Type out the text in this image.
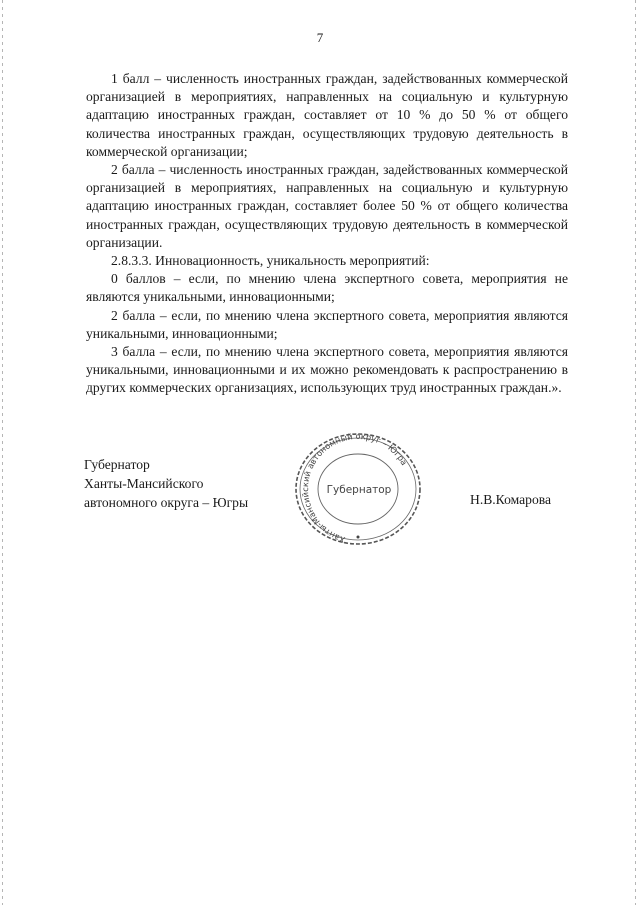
7

1 балл – численность иностранных граждан, задействованных коммерческой организацией в мероприятиях, направленных на социальную и культурную адаптацию иностранных граждан, составляет от 10 % до 50 % от общего количества иностранных граждан, осуществляющих трудовую деятельность в коммерческой организации;

2 балла – численность иностранных граждан, задействованных коммерческой организацией в мероприятиях, направленных на социальную и культурную адаптацию иностранных граждан, составляет более 50 % от общего количества иностранных граждан, осуществляющих трудовую деятельность в коммерческой организации.

2.8.3.3. Инновационность, уникальность мероприятий:

0 баллов – если, по мнению члена экспертного совета, мероприятия не являются уникальными, инновационными;

2 балла – если, по мнению члена экспертного совета, мероприятия являются уникальными, инновационными;

3 балла – если, по мнению члена экспертного совета, мероприятия являются уникальными, инновационными и их можно рекомендовать к распространению в других коммерческих организациях, использующих труд иностранных граждан.».

Губернатор
Ханты-Мансийского
автономного округа – Югры
Ханты-Мансийский автономный округ – Югра
Губернатор
Н.В.Комарова
